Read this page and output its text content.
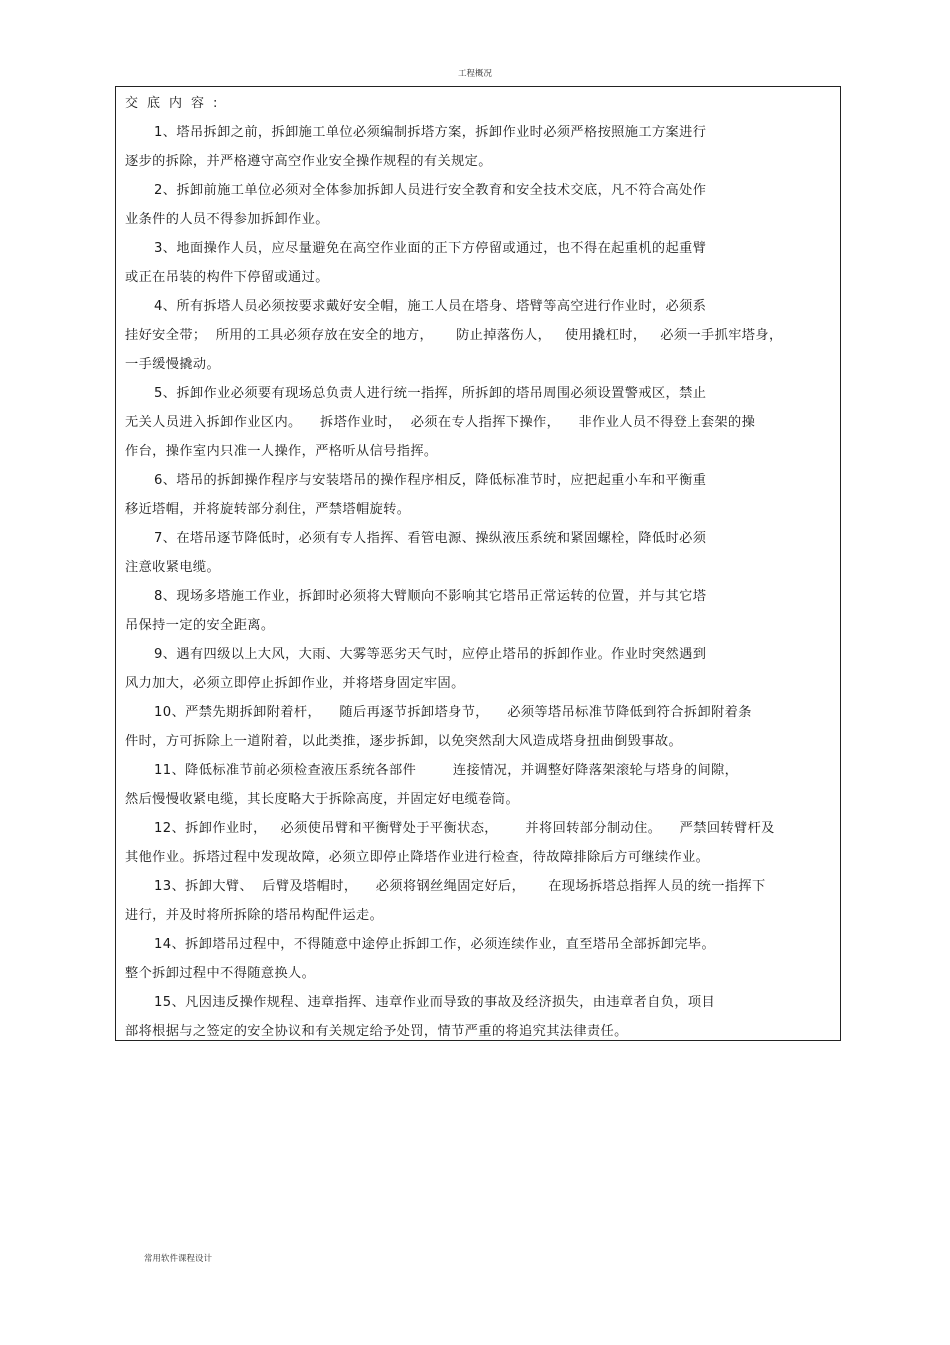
工程概况
交底内容:
1、塔吊拆卸之前，拆卸施工单位必须编制拆塔方案，拆卸作业时必须严格按照施工方案进行
逐步的拆除，并严格遵守高空作业安全操作规程的有关规定。
2、拆卸前施工单位必须对全体参加拆卸人员进行安全教育和安全技术交底，凡不符合高处作
业条件的人员不得参加拆卸作业。
3、地面操作人员，应尽量避免在高空作业面的正下方停留或通过，也不得在起重机的起重臂
或正在吊装的构件下停留或通过。
4、所有拆塔人员必须按要求戴好安全帽，施工人员在塔身、塔臂等高空进行作业时，必须系
挂好安全带；  所用的工具必须存放在安全的地方，     防止掉落伤人，   使用撬杠时，   必须一手抓牢塔身，
一手缓慢撬动。
5、拆卸作业必须要有现场总负责人进行统一指挥，所拆卸的塔吊周围必须设置警戒区，禁止
无关人员进入拆卸作业区内。    拆塔作业时，  必须在专人指挥下操作，    非作业人员不得登上套架的操
作台，操作室内只准一人操作，严格听从信号指挥。
6、塔吊的拆卸操作程序与安装塔吊的操作程序相反，降低标准节时，应把起重小车和平衡重
移近塔帽，并将旋转部分刹住，严禁塔帽旋转。
7、在塔吊逐节降低时，必须有专人指挥、看管电源、操纵液压系统和紧固螺栓，降低时必须
注意收紧电缆。
8、现场多塔施工作业，拆卸时必须将大臂顺向不影响其它塔吊正常运转的位置，并与其它塔
吊保持一定的安全距离。
9、遇有四级以上大风，大雨、大雾等恶劣天气时，应停止塔吊的拆卸作业。作业时突然遇到
风力加大，必须立即停止拆卸作业，并将塔身固定牢固。
10、严禁先期拆卸附着杆，    随后再逐节拆卸塔身节，    必须等塔吊标准节降低到符合拆卸附着条
件时，方可拆除上一道附着，以此类推，逐步拆卸，以免突然刮大风造成塔身扭曲倒毁事故。
11、降低标准节前必须检查液压系统各部件        连接情况，并调整好降落架滚轮与塔身的间隙，
然后慢慢收紧电缆，其长度略大于拆除高度，并固定好电缆卷筒。
12、拆卸作业时，   必须使吊臂和平衡臂处于平衡状态，      并将回转部分制动住。    严禁回转臂杆及
其他作业。拆塔过程中发现故障，必须立即停止降塔作业进行检查，待故障排除后方可继续作业。
13、拆卸大臂、  后臂及塔帽时，    必须将钢丝绳固定好后，     在现场拆塔总指挥人员的统一指挥下
进行，并及时将所拆除的塔吊构配件运走。
14、拆卸塔吊过程中，不得随意中途停止拆卸工作，必须连续作业，直至塔吊全部拆卸完毕。
整个拆卸过程中不得随意换人。
15、凡因违反操作规程、违章指挥、违章作业而导致的事故及经济损失，由违章者自负，项目
部将根据与之签定的安全协议和有关规定给予处罚，情节严重的将追究其法律责任。
常用软件课程设计
